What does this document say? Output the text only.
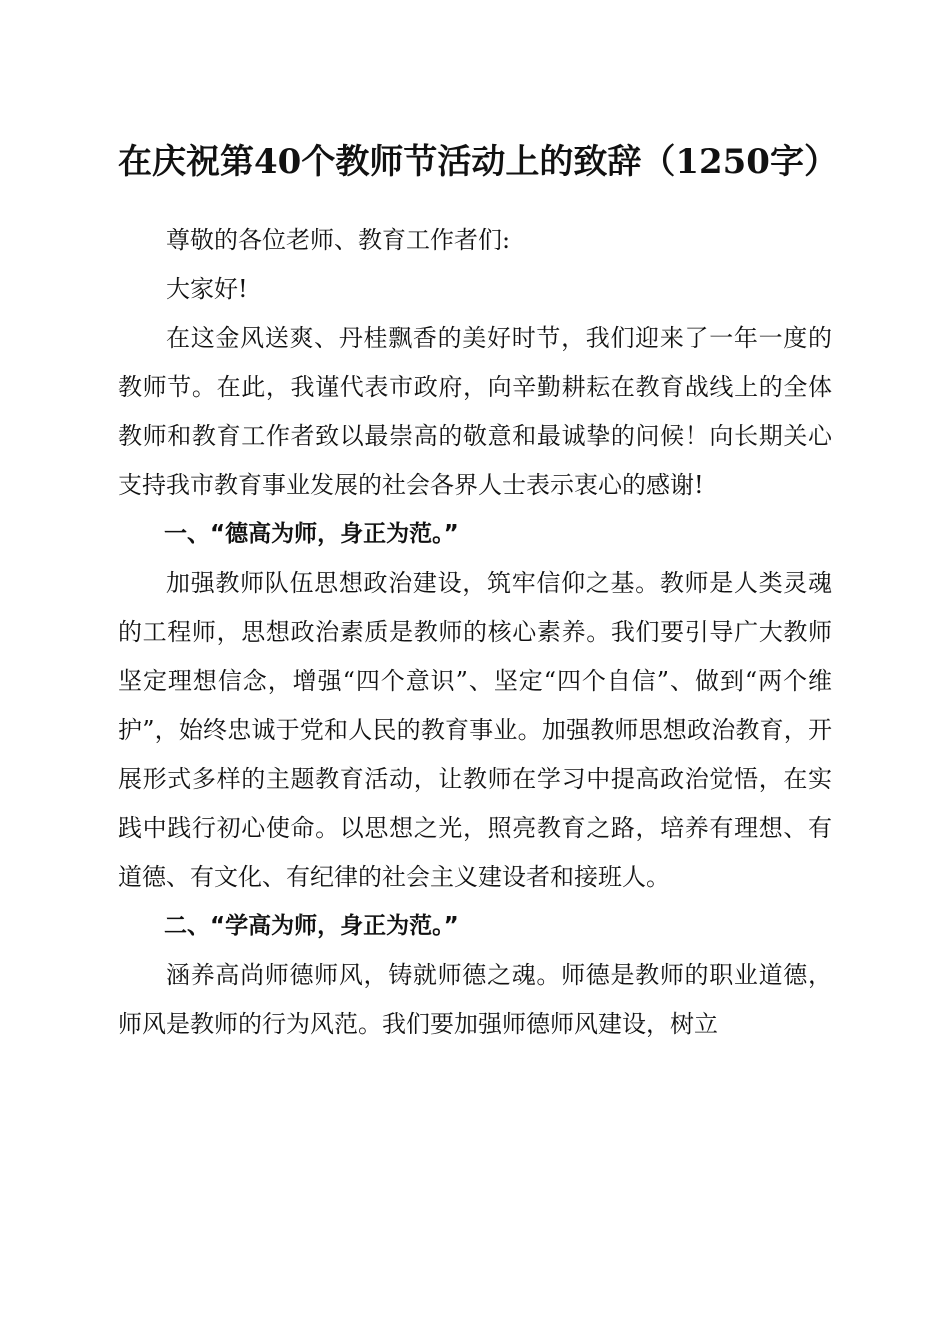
在庆祝第40个教师节活动上的致辞（1250字）

尊敬的各位老师、教育工作者们:

大家好!

在这金风送爽、丹桂飘香的美好时节，我们迎来了一年一度的教师节。在此，我谨代表市政府，向辛勤耕耘在教育战线上的全体教师和教育工作者致以最崇高的敬意和最诚挚的问候！向长期关心支持我市教育事业发展的社会各界人士表示衷心的感谢!

一、“德高为师，身正为范。”

加强教师队伍思想政治建设，筑牢信仰之基。教师是人类灵魂的工程师，思想政治素质是教师的核心素养。我们要引导广大教师坚定理想信念，增强“四个意识”、坚定“四个自信”、做到“两个维护”，始终忠诚于党和人民的教育事业。加强教师思想政治教育，开展形式多样的主题教育活动，让教师在学习中提高政治觉悟，在实践中践行初心使命。以思想之光，照亮教育之路，培养有理想、有道德、有文化、有纪律的社会主义建设者和接班人。

二、“学高为师，身正为范。”

涵养高尚师德师风，铸就师德之魂。师德是教师的职业道德，师风是教师的行为风范。我们要加强师德师风建设，树立
